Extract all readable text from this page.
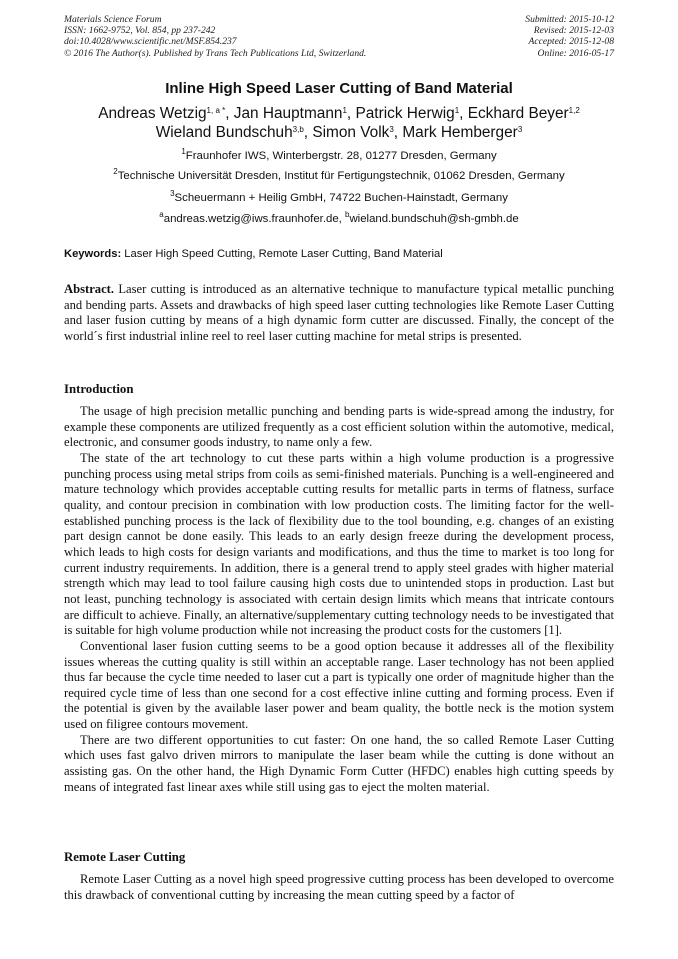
Materials Science Forum
ISSN: 1662-9752, Vol. 854, pp 237-242
doi:10.4028/www.scientific.net/MSF.854.237
© 2016 The Author(s). Published by Trans Tech Publications Ltd, Switzerland.
Submitted: 2015-10-12
Revised: 2015-12-03
Accepted: 2015-12-08
Online: 2016-05-17
Inline High Speed Laser Cutting of Band Material
Andreas Wetzig$^{1, a *}$, Jan Hauptmann$^1$, Patrick Herwig$^1$, Eckhard Beyer$^{1,2}$
Wieland Bundschuh$^{3,b}$, Simon Volk$^3$, Mark Hemberger$^3$
$^1$Fraunhofer IWS, Winterbergstr. 28, 01277 Dresden, Germany
$^2$Technische Universität Dresden, Institut für Fertigungstechnik, 01062 Dresden, Germany
$^3$Scheuermann + Heilig GmbH, 74722 Buchen-Hainstadt, Germany
$^a$andreas.wetzig@iws.fraunhofer.de, $^b$wieland.bundschuh@sh-gmbh.de
Keywords: Laser High Speed Cutting, Remote Laser Cutting, Band Material

Abstract. Laser cutting is introduced as an alternative technique to manufacture typical metallic punching and bending parts. Assets and drawbacks of high speed laser cutting technologies like Remote Laser Cutting and laser fusion cutting by means of a high dynamic form cutter are discussed. Finally, the concept of the world´s first industrial inline reel to reel laser cutting machine for metal strips is presented.

Introduction

The usage of high precision metallic punching and bending parts is wide-spread among the industry, for example these components are utilized frequently as a cost efficient solution within the automotive, medical, electronic, and consumer goods industry, to name only a few.

The state of the art technology to cut these parts within a high volume production is a progressive punching process using metal strips from coils as semi-finished materials. Punching is a well-engineered and mature technology which provides acceptable cutting results for metallic parts in terms of flatness, surface quality, and contour precision in combination with low production costs. The limiting factor for the well-established punching process is the lack of flexibility due to the tool bounding, e.g. changes of an existing part design cannot be done easily. This leads to an early design freeze during the development process, which leads to high costs for design variants and modifications, and thus the time to market is too long for current industry requirements. In addition, there is a general trend to apply steel grades with higher material strength which may lead to tool failure causing high costs due to unintended stops in production. Last but not least, punching technology is associated with certain design limits which means that intricate contours are difficult to achieve. Finally, an alternative/supplementary cutting technology needs to be investigated that is suitable for high volume production while not increasing the product costs for the customers [1].

Conventional laser fusion cutting seems to be a good option because it addresses all of the flexibility issues whereas the cutting quality is still within an acceptable range. Laser technology has not been applied thus far because the cycle time needed to laser cut a part is typically one order of magnitude higher than the required cycle time of less than one second for a cost effective inline cutting and forming process. Even if the potential is given by the available laser power and beam quality, the bottle neck is the motion system used on filigree contours movement.

There are two different opportunities to cut faster: On one hand, the so called Remote Laser Cutting which uses fast galvo driven mirrors to manipulate the laser beam while the cutting is done without an assisting gas. On the other hand, the High Dynamic Form Cutter (HFDC) enables high cutting speeds by means of integrated fast linear axes while still using gas to eject the molten material.

Remote Laser Cutting

Remote Laser Cutting as a novel high speed progressive cutting process has been developed to overcome this drawback of conventional cutting by increasing the mean cutting speed by a factor of
